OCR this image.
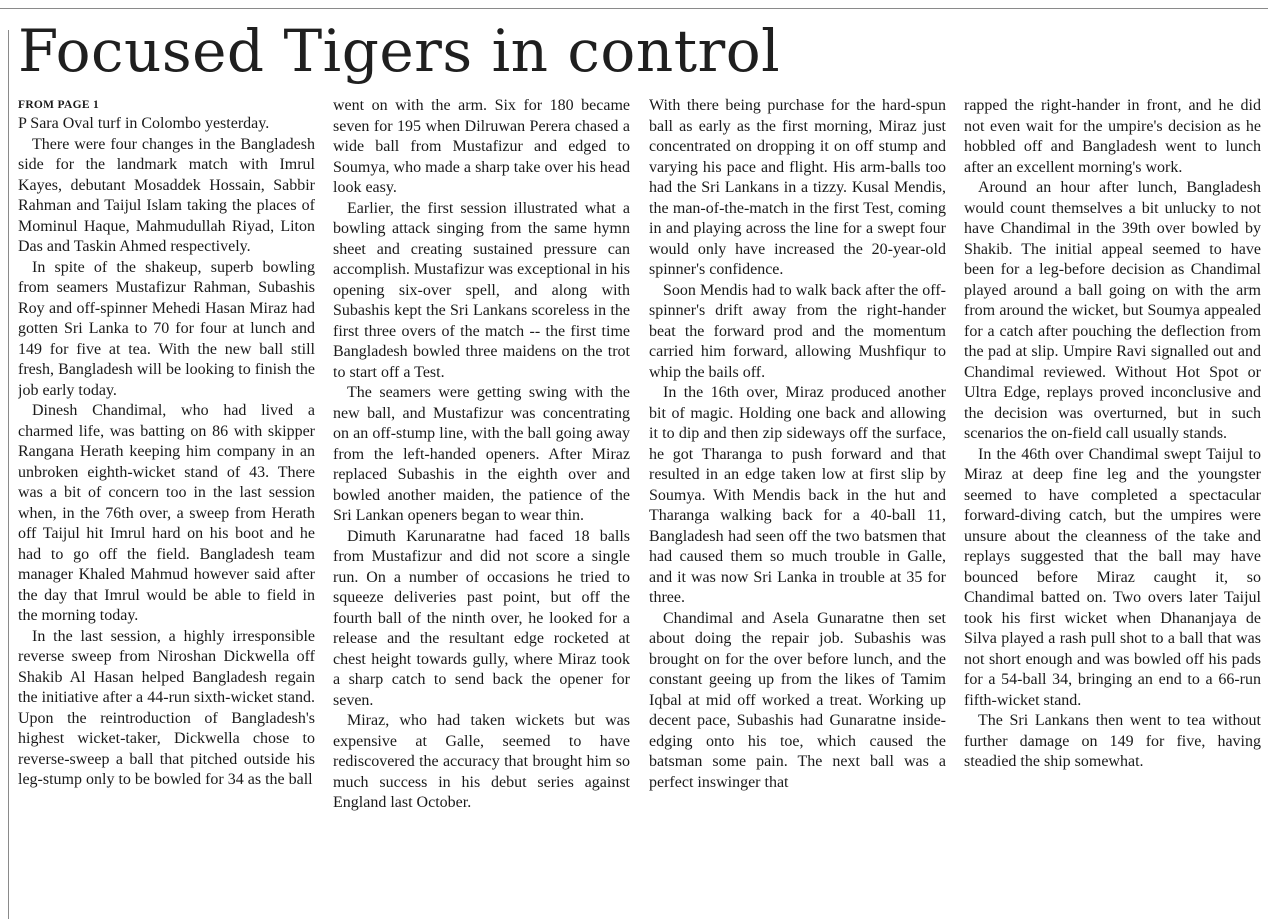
Focused Tigers in control
FROM PAGE 1

P Sara Oval turf in Colombo yesterday.

There were four changes in the Bangladesh side for the landmark match with Imrul Kayes, debutant Mosaddek Hossain, Sabbir Rahman and Taijul Islam taking the places of Mominul Haque, Mahmudullah Riyad, Liton Das and Taskin Ahmed respectively.

In spite of the shakeup, superb bowling from seamers Mustafizur Rahman, Subashis Roy and off-spinner Mehedi Hasan Miraz had gotten Sri Lanka to 70 for four at lunch and 149 for five at tea. With the new ball still fresh, Bangladesh will be looking to finish the job early today.

Dinesh Chandimal, who had lived a charmed life, was batting on 86 with skipper Rangana Herath keeping him company in an unbroken eighth-wicket stand of 43. There was a bit of concern too in the last session when, in the 76th over, a sweep from Herath off Taijul hit Imrul hard on his boot and he had to go off the field. Bangladesh team manager Khaled Mahmud however said after the day that Imrul would be able to field in the morning today.

In the last session, a highly irresponsible reverse sweep from Niroshan Dickwella off Shakib Al Hasan helped Bangladesh regain the initiative after a 44-run sixth-wicket stand. Upon the reintroduction of Bangladesh's highest wicket-taker, Dickwella chose to reverse-sweep a ball that pitched outside his leg-stump only to be bowled for 34 as the ball

went on with the arm. Six for 180 became seven for 195 when Dilruwan Perera chased a wide ball from Mustafizur and edged to Soumya, who made a sharp take over his head look easy.

Earlier, the first session illustrated what a bowling attack singing from the same hymn sheet and creating sustained pressure can accomplish. Mustafizur was exceptional in his opening six-over spell, and along with Subashis kept the Sri Lankans scoreless in the first three overs of the match -- the first time Bangladesh bowled three maidens on the trot to start off a Test.

The seamers were getting swing with the new ball, and Mustafizur was concentrating on an off-stump line, with the ball going away from the left-handed openers. After Miraz replaced Subashis in the eighth over and bowled another maiden, the patience of the Sri Lankan openers began to wear thin.

Dimuth Karunaratne had faced 18 balls from Mustafizur and did not score a single run. On a number of occasions he tried to squeeze deliveries past point, but off the fourth ball of the ninth over, he looked for a release and the resultant edge rocketed at chest height towards gully, where Miraz took a sharp catch to send back the opener for seven.

Miraz, who had taken wickets but was expensive at Galle, seemed to have rediscovered the accuracy that brought him so much success in his debut series against England last October.

With there being purchase for the hard-spun ball as early as the first morning, Miraz just concentrated on dropping it on off stump and varying his pace and flight. His arm-balls too had the Sri Lankans in a tizzy. Kusal Mendis, the man-of-the-match in the first Test, coming in and playing across the line for a swept four would only have increased the 20-year-old spinner's confidence.

Soon Mendis had to walk back after the off-spinner's drift away from the right-hander beat the forward prod and the momentum carried him forward, allowing Mushfiqur to whip the bails off.

In the 16th over, Miraz produced another bit of magic. Holding one back and allowing it to dip and then zip sideways off the surface, he got Tharanga to push forward and that resulted in an edge taken low at first slip by Soumya. With Mendis back in the hut and Tharanga walking back for a 40-ball 11, Bangladesh had seen off the two batsmen that had caused them so much trouble in Galle, and it was now Sri Lanka in trouble at 35 for three.

Chandimal and Asela Gunaratne then set about doing the repair job. Subashis was brought on for the over before lunch, and the constant geeing up from the likes of Tamim Iqbal at mid off worked a treat. Working up decent pace, Subashis had Gunaratne inside-edging onto his toe, which caused the batsman some pain. The next ball was a perfect inswinger that

rapped the right-hander in front, and he did not even wait for the umpire's decision as he hobbled off and Bangladesh went to lunch after an excellent morning's work.

Around an hour after lunch, Bangladesh would count themselves a bit unlucky to not have Chandimal in the 39th over bowled by Shakib. The initial appeal seemed to have been for a leg-before decision as Chandimal played around a ball going on with the arm from around the wicket, but Soumya appealed for a catch after pouching the deflection from the pad at slip. Umpire Ravi signalled out and Chandimal reviewed. Without Hot Spot or Ultra Edge, replays proved inconclusive and the decision was overturned, but in such scenarios the on-field call usually stands.

In the 46th over Chandimal swept Taijul to Miraz at deep fine leg and the youngster seemed to have completed a spectacular forward-diving catch, but the umpires were unsure about the cleanness of the take and replays suggested that the ball may have bounced before Miraz caught it, so Chandimal batted on. Two overs later Taijul took his first wicket when Dhananjaya de Silva played a rash pull shot to a ball that was not short enough and was bowled off his pads for a 54-ball 34, bringing an end to a 66-run fifth-wicket stand.

The Sri Lankans then went to tea without further damage on 149 for five, having steadied the ship somewhat.
